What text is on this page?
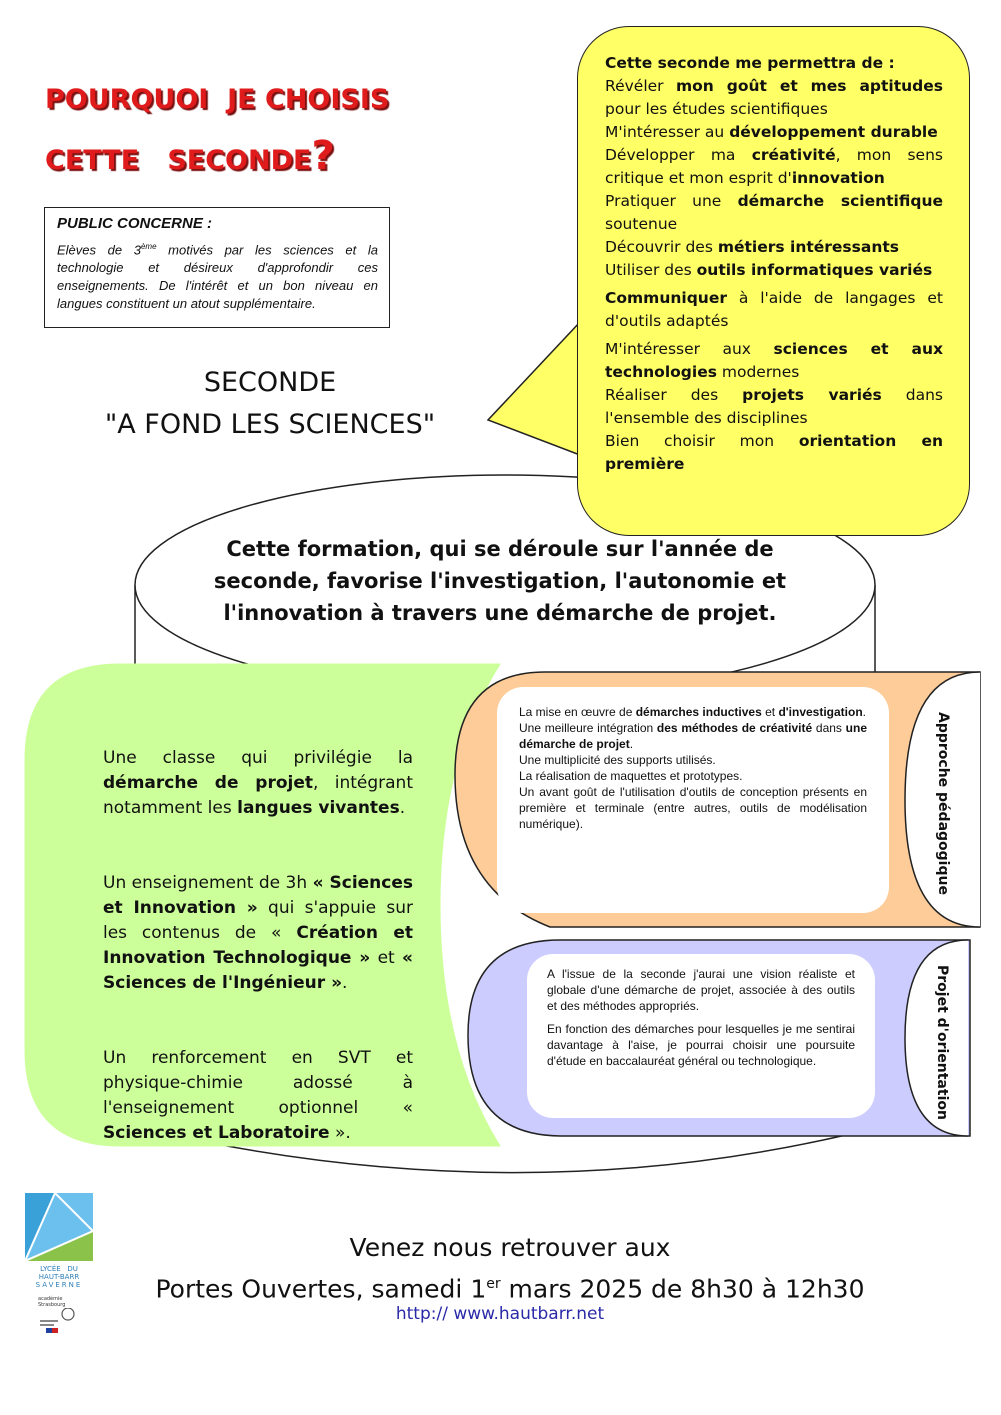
POURQUOI  JE CHOISIS
CETTE   SECONDE?
PUBLIC CONCERNE :
Elèves de 3ème motivés par les sciences et la technologie et désireux d'approfondir ces enseignements. De l'intérêt et un bon niveau en langues constituent un atout supplémentaire.
SECONDE
"A FOND LES SCIENCES"
Cette seconde me permettra de :
Révéler mon goût et mes aptitudes pour les études scientifiques
M'intéresser au développement durable
Développer ma créativité, mon sens critique et mon esprit d'innovation
Pratiquer une démarche scientifique soutenue
Découvrir des métiers intéressants
Utiliser des outils informatiques variés
Communiquer à l'aide de langages et d'outils adaptés
M'intéresser aux sciences et aux technologies modernes
Réaliser des projets variés dans l'ensemble des disciplines
Bien choisir mon orientation en première
Cette formation, qui se déroule sur l'année de seconde, favorise l'investigation, l'autonomie et l'innovation à travers une démarche de projet.

Une classe qui privilégie la démarche de projet, intégrant notamment les langues vivantes.

Un enseignement de 3h « Sciences et Innovation » qui s'appuie sur les contenus de « Création et Innovation Technologique » et « Sciences de l'Ingénieur ».

Un renforcement en SVT et physique-chimie adossé à l'enseignement optionnel « Sciences et Laboratoire ».

La mise en œuvre de démarches inductives et d'investigation.

Une meilleure intégration des méthodes de créativité dans une démarche de projet.

Une multiplicité des supports utilisés.

La réalisation de maquettes et prototypes.

Un avant goût de l'utilisation d'outils de conception présents en première et terminale (entre autres, outils de modélisation numérique).	Approche pédagogique

A l'issue de la seconde j'aurai une vision réaliste et globale d'une démarche de projet, associée à des outils et des méthodes appropriés.

En fonction des démarches pour lesquelles je me sentirai davantage à l'aise, je pourrai choisir une poursuite d'étude en baccalauréat général ou technologique.	Projet d'orientation
LYCÉE   DU
HAUT-BARR
SAVERNE
académie
Strasbourg
Venez nous retrouver aux
Portes Ouvertes, samedi 1er mars 2025 de 8h30 à 12h30
http:// www.hautbarr.net
